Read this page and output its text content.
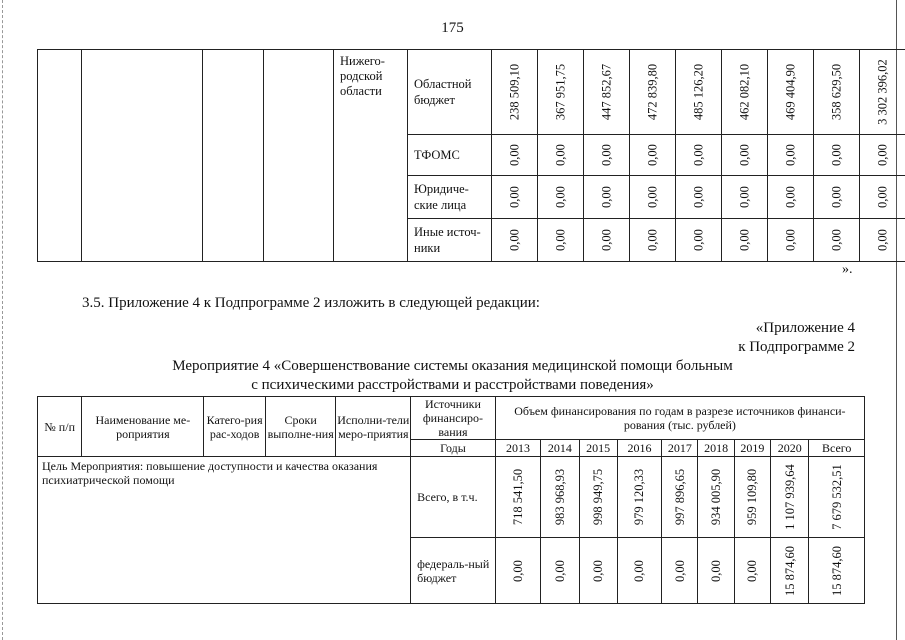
175
				Нижего-
родской
области	Областной бюджет	238 509,10	367 951,75	447 852,67	472 839,80	485 126,20	462 082,10	469 404,90	358 629,50	3 302 396,02

					ТФОМС	0,00	0,00	0,00	0,00	0,00	0,00	0,00	0,00	0,00

					Юридиче-ские лица	0,00	0,00	0,00	0,00	0,00	0,00	0,00	0,00	0,00

					Иные источ-ники	0,00	0,00	0,00	0,00	0,00	0,00	0,00	0,00	0,00
».
3.5. Приложение 4 к Подпрограмме 2 изложить в следующей редакции:
«Приложение 4
к Подпрограмме 2
Мероприятие 4 «Совершенствование системы оказания медицинской помощи больным
с психическими расстройствами и расстройствами поведения»
№ п/п	Наименование ме-роприятия	Катего-рия рас-ходов	Сроки выполне-ния	Исполни-тели меро-приятия	Источники финансиро-вания	Объем финансирования по годам в разрезе источников финанси-рования (тыс. рублей)								
					Годы	2013	2014	2015	2016	2017	2018	2019	2020	Всего
Цель Мероприятия: повышение доступности и качества оказания психиатрической помощи					Всего, в т.ч.	718 541,50	983 968,93	998 949,75	979 120,33	997 896,65	934 005,90	959 109,80	1 107 939,64	7 679 532,51

					федераль-ный бюджет	0,00	0,00	0,00	0,00	0,00	0,00	0,00	15 874,60	15 874,60
